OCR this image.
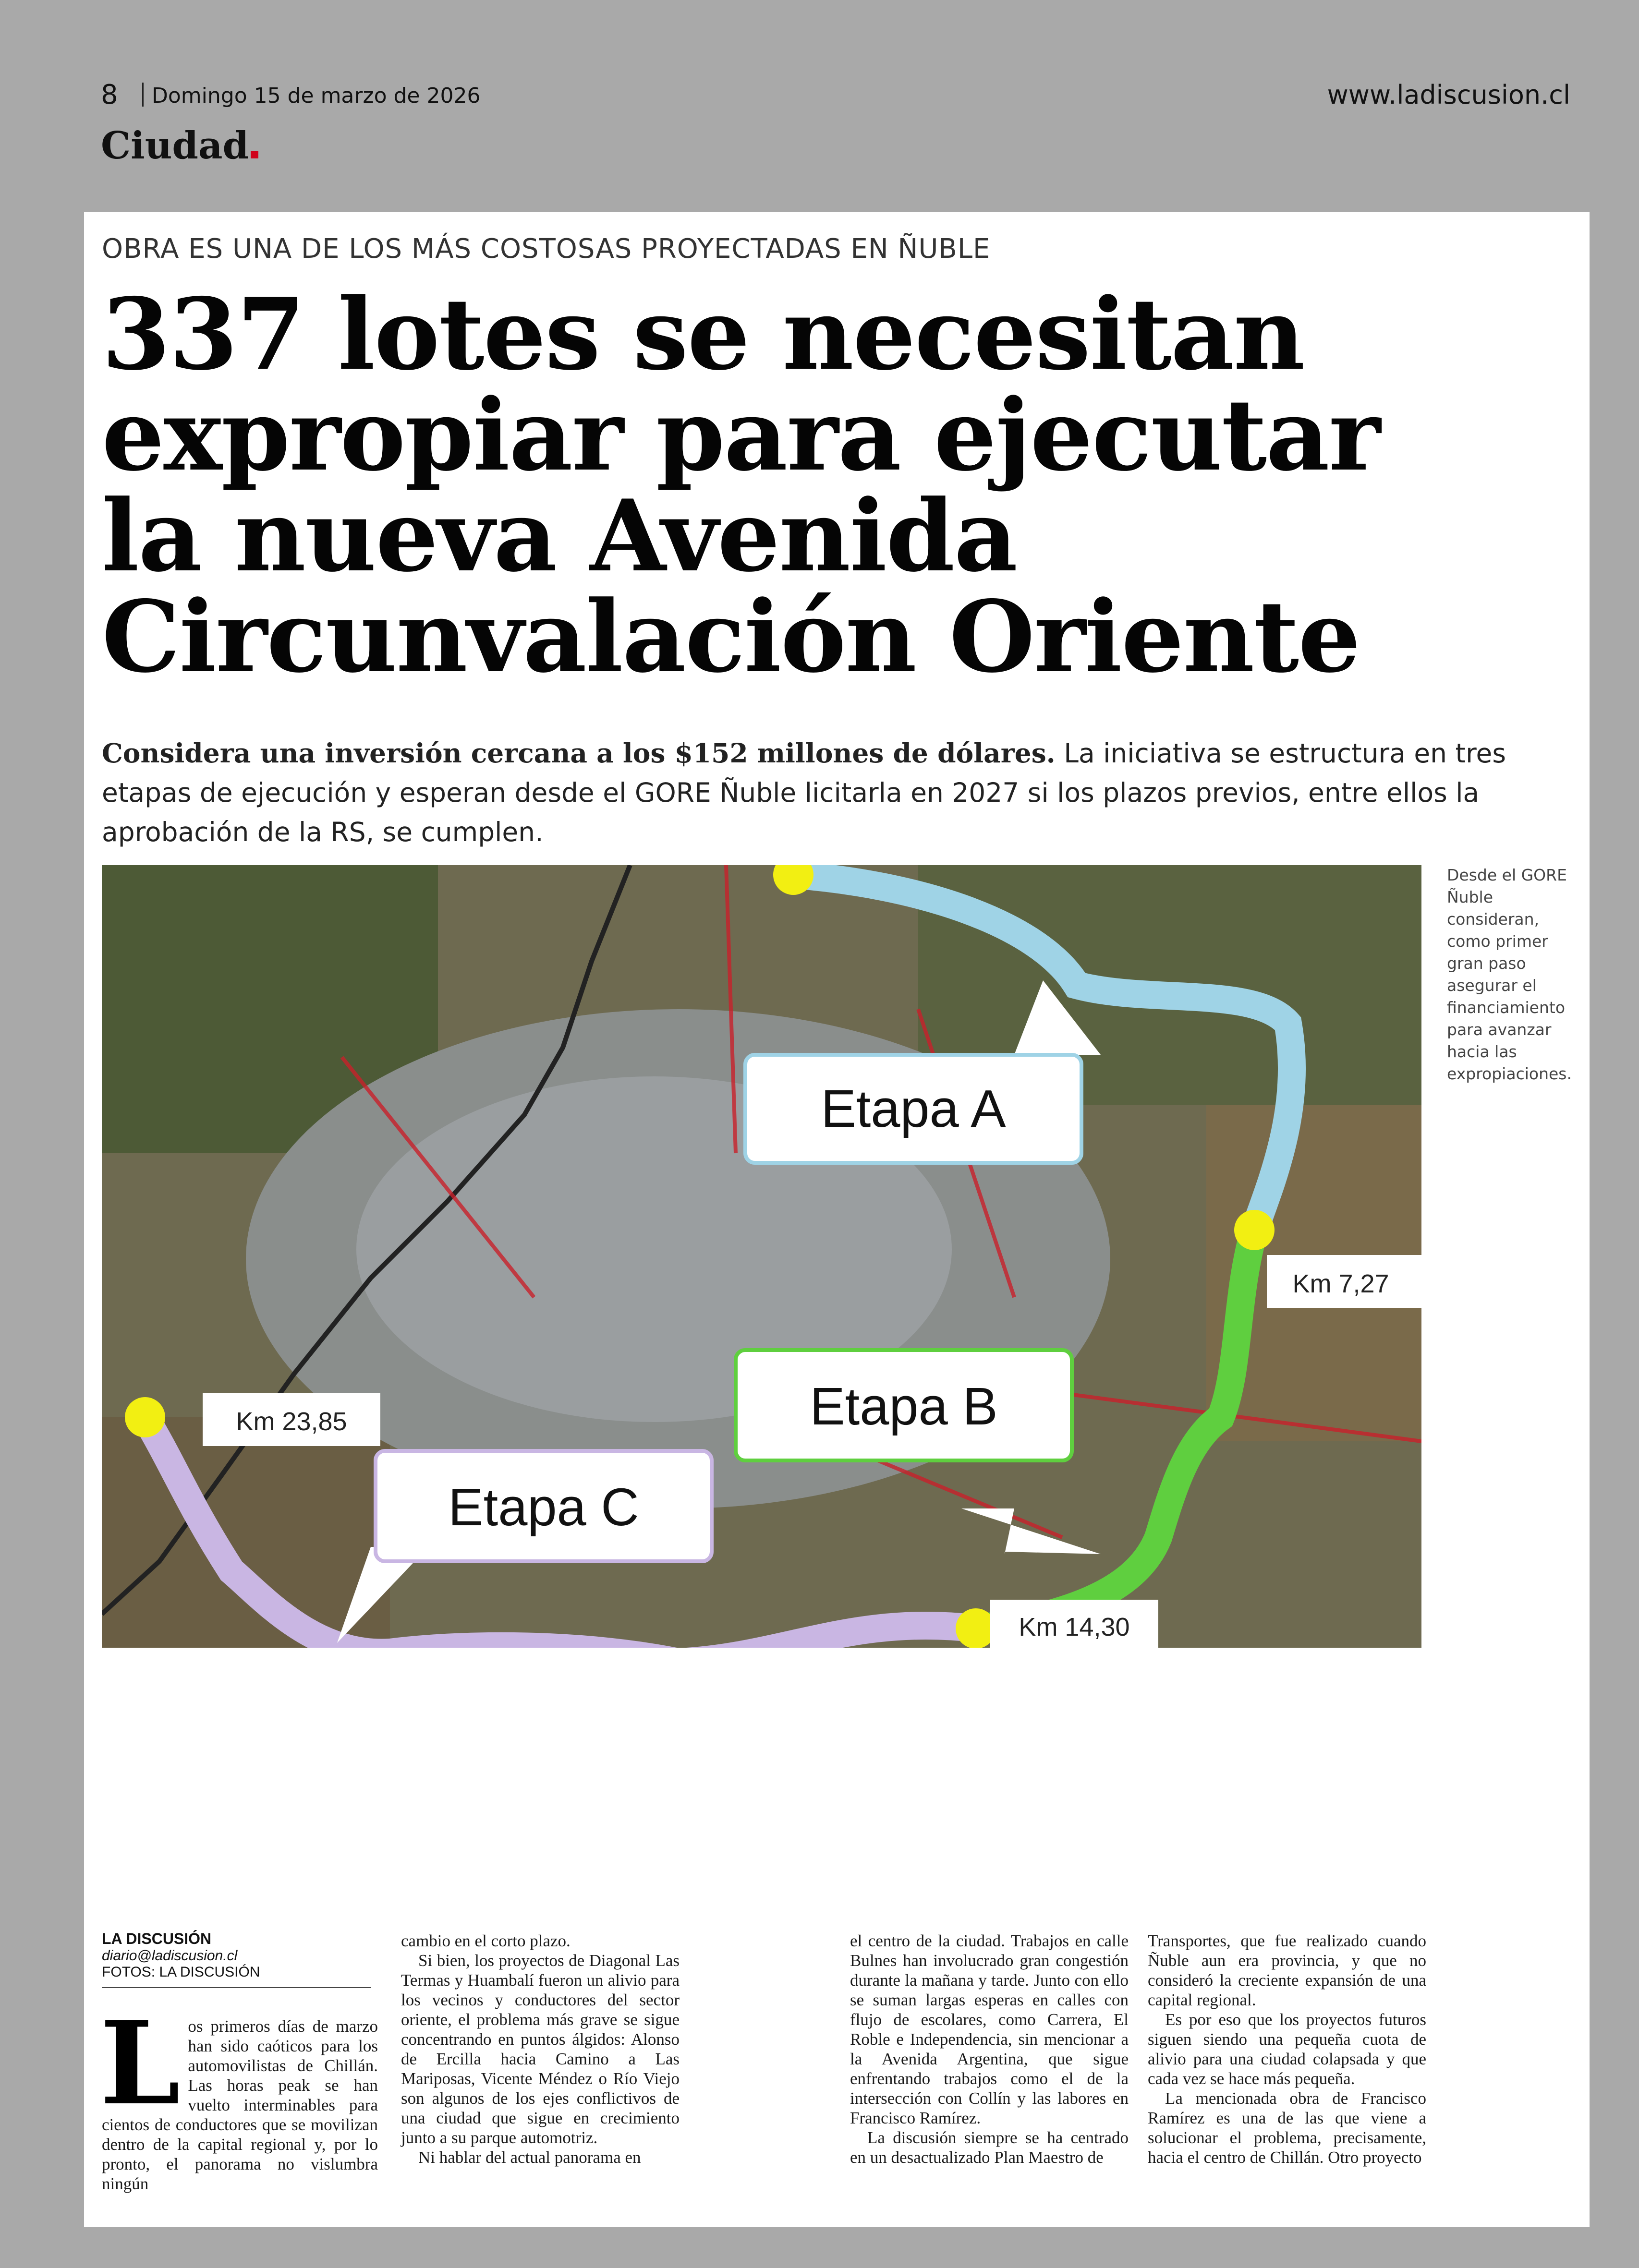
8 Domingo 15 de marzo de 2026	www.ladiscusion.cl
Ciudad
OBRA ES UNA DE LOS MÁS COSTOSAS PROYECTADAS EN ÑUBLE
337 lotes se necesitan
expropiar para ejecutar
la nueva Avenida
Circunvalación Oriente
Considera una inversión cercana a los $152 millones de dólares. La iniciativa se estructura en tres etapas de ejecución y esperan desde el GORE Ñuble licitarla en 2027 si los plazos previos, entre ellos la aprobación de la RS, se cumplen.
Etapa A
Etapa B
Etapa C
Km 7,27
Km 23,85
Km 14,30
Desde el GORE Ñuble consideran, como primer gran paso asegurar el financiamiento para avanzar hacia las expropiaciones.
LA DISCUSIÓN
diario@ladiscusion.cl
FOTOS: LA DISCUSIÓN
L os primeros días de marzo han sido caóticos para los automovilistas de Chillán. Las horas peak se han vuelto interminables para cientos de conductores que se movilizan dentro de la capital regional y, por lo pronto, el panorama no vislumbra ningún

cambio en el corto plazo.

Si bien, los proyectos de Diagonal Las Termas y Huambalí fueron un alivio para los vecinos y conductores del sector oriente, el problema más grave se sigue concentrando en puntos álgidos: Alonso de Ercilla hacia Camino a Las Mariposas, Vicente Méndez o Río Viejo son algunos de los ejes conflictivos de una ciudad que sigue en crecimiento junto a su parque automotriz.

Ni hablar del actual panorama en

el centro de la ciudad. Trabajos en calle Bulnes han involucrado gran congestión durante la mañana y tarde. Junto con ello se suman largas esperas en calles con flujo de escolares, como Carrera, El Roble e Independencia, sin mencionar a la Avenida Argentina, que sigue enfrentando trabajos como el de la intersección con Collín y las labores en Francisco Ramírez.

La discusión siempre se ha centrado en un desactualizado Plan Maestro de

Transportes, que fue realizado cuando Ñuble aun era provincia, y que no consideró la creciente expansión de una capital regional.

Es por eso que los proyectos futuros siguen siendo una pequeña cuota de alivio para una ciudad colapsada y que cada vez se hace más pequeña.

La mencionada obra de Francisco Ramírez es una de las que viene a solucionar el problema, precisamente, hacia el centro de Chillán. Otro proyecto
